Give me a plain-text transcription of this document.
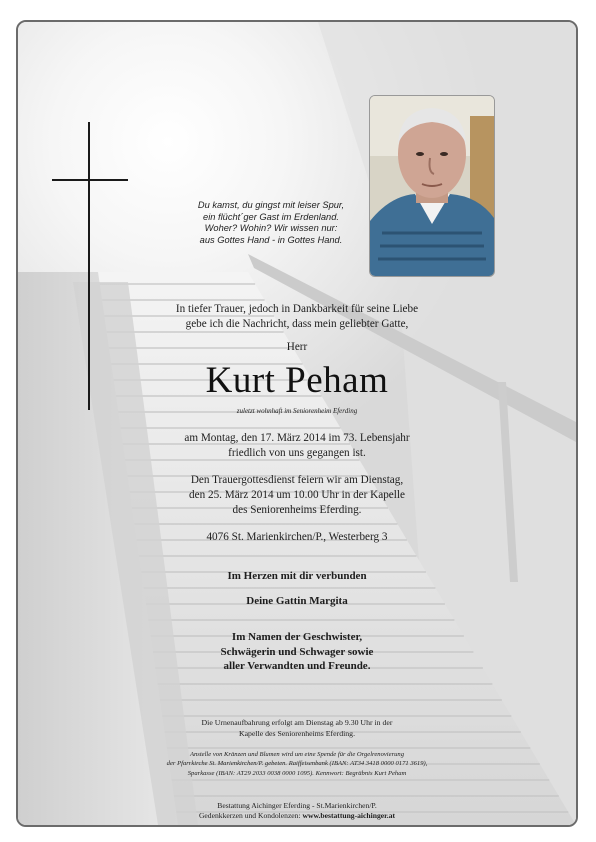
Du kamst, du gingst mit leiser Spur,
ein flücht´ger Gast im Erdenland.
Woher? Wohin? Wir wissen nur:
aus Gottes Hand - in Gottes Hand.
In tiefer Trauer, jedoch in Dankbarkeit für seine Liebe
gebe ich die Nachricht, dass mein geliebter Gatte,
Herr
Kurt Peham
zuletzt wohnhaft im Seniorenheim Eferding
am Montag, den 17. März 2014 im 73. Lebensjahr
friedlich von uns gegangen ist.
Den Trauergottesdienst feiern wir am Dienstag,
den 25. März 2014 um 10.00 Uhr in der Kapelle
des Seniorenheims Eferding.
4076 St. Marienkirchen/P., Westerberg 3
Im Herzen mit dir verbunden
Deine Gattin Margita
Im Namen der Geschwister,
Schwägerin und Schwager sowie
aller Verwandten und Freunde.
Die Urnenaufbahrung erfolgt am Dienstag ab 9.30 Uhr in der
Kapelle des Seniorenheims Eferding.
Anstelle von Kränzen und Blumen wird um eine Spende für die Orgelrenovierung
der Pfarrkirche St. Marienkirchen/P. gebeten. Raiffeisenbank (IBAN: AT34 3418 0000 0171 3619),
Sparkasse (IBAN: AT29 2033 0038 0000 1095). Kennwort: Begräbnis Kurt Peham
Bestattung Aichinger Eferding - St.Marienkirchen/P.
Gedenkkerzen und Kondolenzen: www.bestattung-aichinger.at
